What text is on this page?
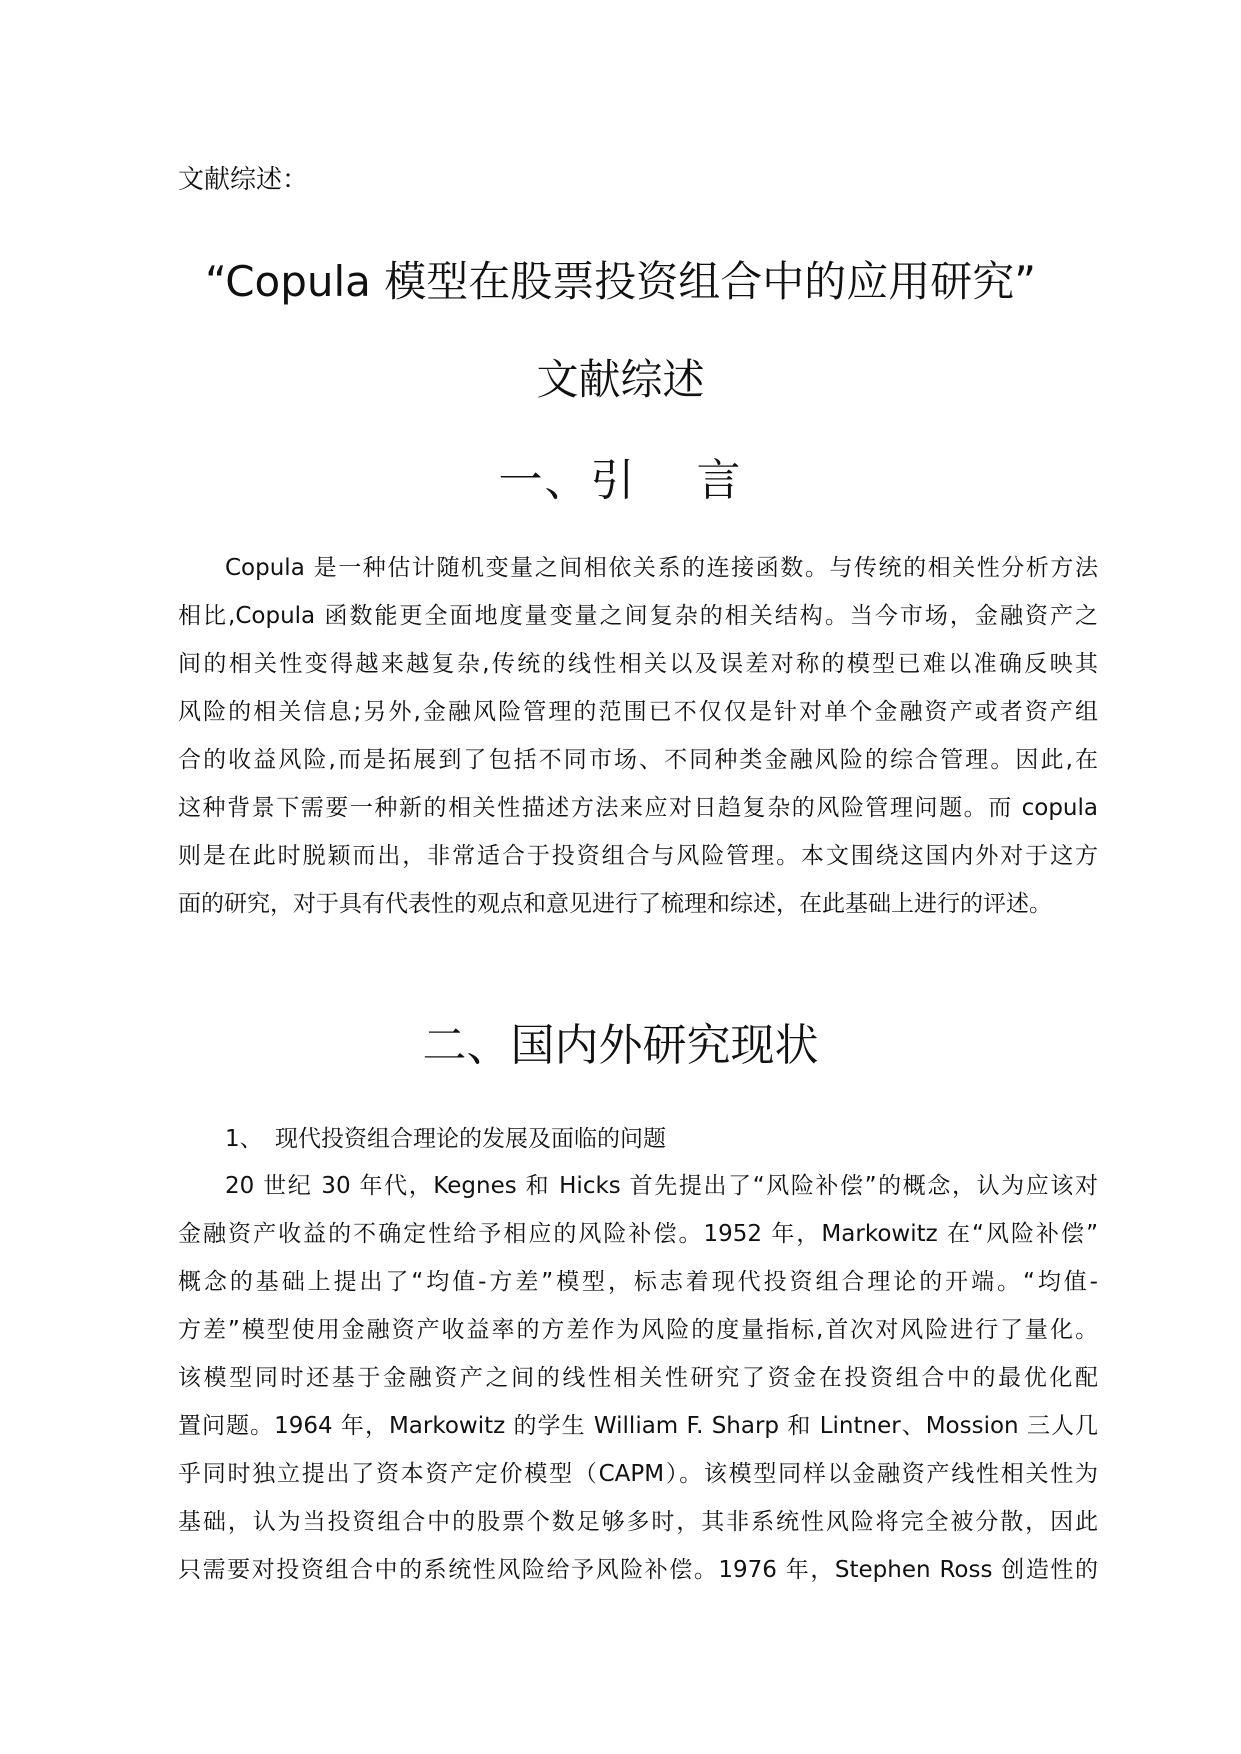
文献综述：
“Copula 模型在股票投资组合中的应用研究”
文献综述
一、引 言
Copula 是一种估计随机变量之间相依关系的连接函数。与传统的相关性分析方法
相比,Copula 函数能更全面地度量变量之间复杂的相关结构。当今市场，金融资产之
间的相关性变得越来越复杂,传统的线性相关以及误差对称的模型已难以准确反映其
风险的相关信息;另外,金融风险管理的范围已不仅仅是针对单个金融资产或者资产组
合的收益风险,而是拓展到了包括不同市场、不同种类金融风险的综合管理。因此,在
这种背景下需要一种新的相关性描述方法来应对日趋复杂的风险管理问题。而 copula
则是在此时脱颖而出，非常适合于投资组合与风险管理。本文围绕这国内外对于这方
面的研究，对于具有代表性的观点和意见进行了梳理和综述，在此基础上进行的评述。
二、国内外研究现状
1、 现代投资组合理论的发展及面临的问题
20 世纪 30 年代，Kegnes 和 Hicks 首先提出了“风险补偿”的概念，认为应该对
金融资产收益的不确定性给予相应的风险补偿。1952 年，Markowitz 在“风险补偿”
概念的基础上提出了“均值-方差”模型，标志着现代投资组合理论的开端。“均值-
方差”模型使用金融资产收益率的方差作为风险的度量指标,首次对风险进行了量化。
该模型同时还基于金融资产之间的线性相关性研究了资金在投资组合中的最优化配
置问题。1964 年，Markowitz 的学生 William F. Sharp 和 Lintner、Mossion 三人几
乎同时独立提出了资本资产定价模型（CAPM）。该模型同样以金融资产线性相关性为
基础，认为当投资组合中的股票个数足够多时，其非系统性风险将完全被分散，因此
只需要对投资组合中的系统性风险给予风险补偿。1976 年，Stephen Ross 创造性的
